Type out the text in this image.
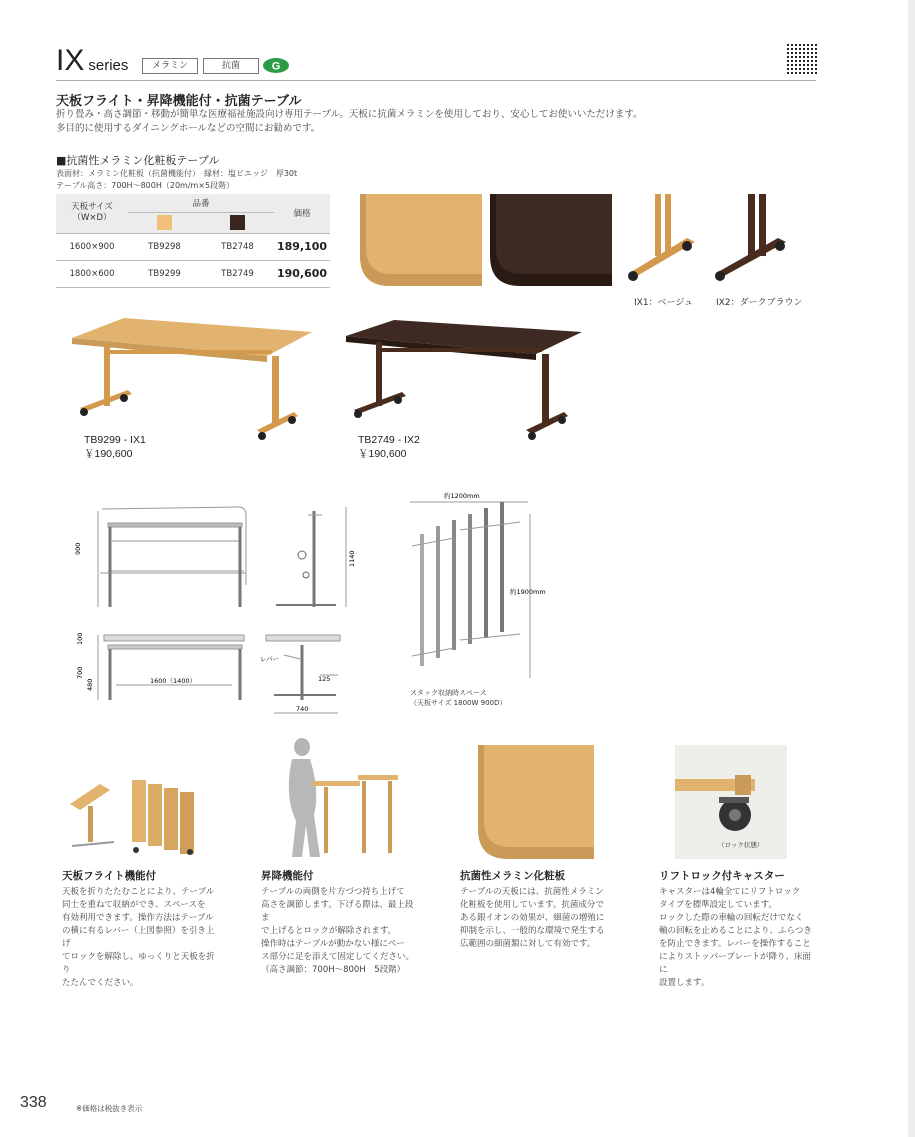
IX series	メラミン	抗菌	G
天板フライト・昇降機能付・抗菌テーブル
折り畳み・高さ調節・移動が簡単な医療福祉施設向け専用テーブル。天板に抗菌メラミンを使用しており、安心してお使いいただけます。
多目的に使用するダイニングホールなどの空間にお勧めです。
■抗菌性メラミン化粧板テーブル
表面材：メラミン化粧板（抗菌機能付）　縁材：塩ビエッジ　厚30t
テーブル高さ：700H～800H（20m/m×5段階）
天板サイズ
（W×D）	品番		価格

1600×900	TB9298	TB2748	189,100
1800×600	TB9299	TB2749	190,600
IX1：ベージュ	IX2：ダークブラウン
TB9299 - IX1
￥190,600
TB2749 - IX2
￥190,600
900
1140
100
700
480	1600（1400）
レバー
125
740
約1200mm
約1900mm
スタック収納時スペース
（天板サイズ 1800W 900D）
（ロック状態）
天板フライト機能付
天板を折りたたむことにより、テーブル
同士を重ねて収納ができ、スペースを
有効利用できます。操作方法はテーブル
の横に有るレバー（上図参照）を引き上げ
てロックを解除し、ゆっくりと天板を折り
たたんでください。
昇降機能付
テーブルの両側を片方づつ持ち上げて
高さを調節します。下げる際は、最上段ま
で上げるとロックが解除されます。
操作時はテーブルが動かない様にベー
ス部分に足を添えて固定してください。
（高さ調節：700H～800H　5段階）
抗菌性メラミン化粧板
テーブルの天板には、抗菌性メラミン
化粧板を使用しています。抗菌成分で
ある銀イオンの効果が、細菌の増殖に
抑制を示し、一般的な環境で発生する
広範囲の細菌類に対して有効です。
リフトロック付キャスター
キャスターは4輪全てにリフトロック
タイプを標準設定しています。
ロックした際の車輪の回転だけでなく
軸の回転を止めることにより、ふらつき
を防止できます。レバーを操作すること
によりストッパープレートが降り、床面に
設置します。
338	※価格は税抜き表示
